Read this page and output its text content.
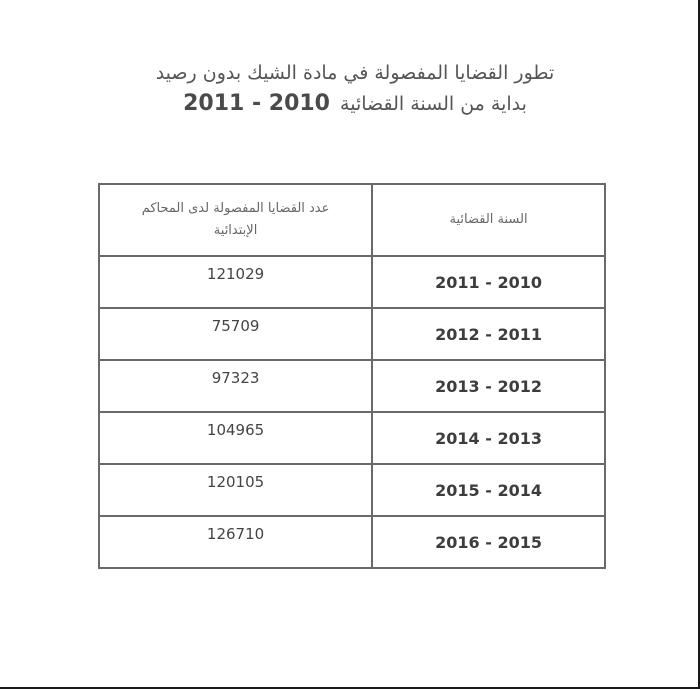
تطور القضايا المفصولة في مادة الشيك بدون رصيد
بداية من السنة القضائية 2011 - 2010
السنة القضائية	عدد القضايا المفصولة لدى المحاكم الإبتدائية
2011 - 2010	121029
2012 - 2011	75709
2013 - 2012	97323
2014 - 2013	104965
2015 - 2014	120105
2016 - 2015	126710
